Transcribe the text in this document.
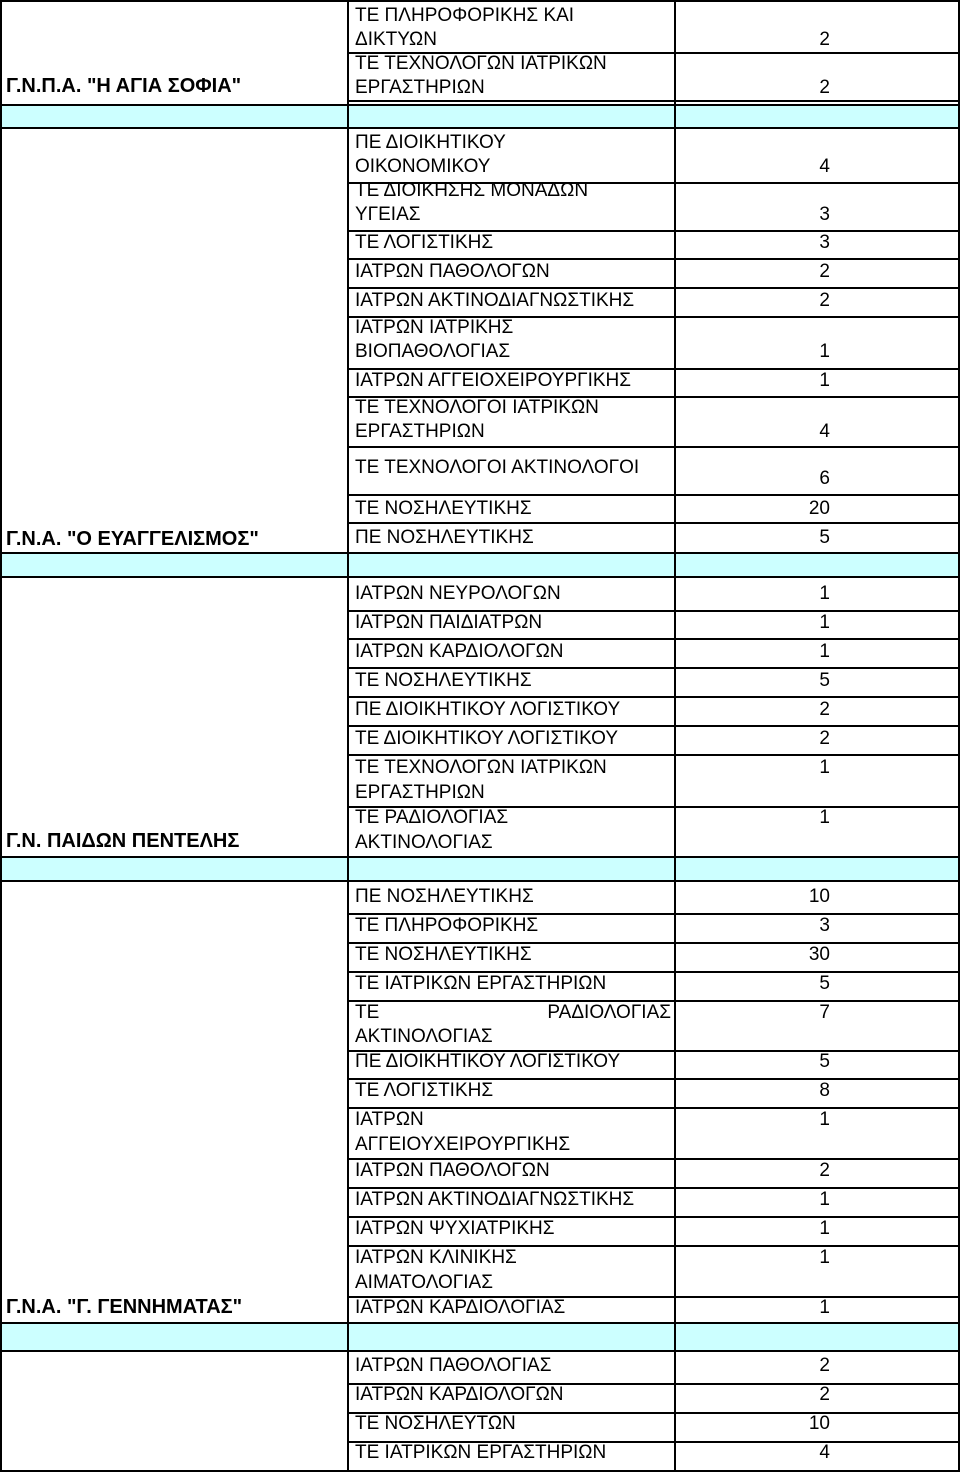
Γ.Ν.Π.Α. "Η ΑΓΙΑ ΣΟΦΙΑ"
ΤΕ ΠΛΗΡΟΦΟΡΙΚΗΣ ΚΑΙ
ΔΙΚΤΥΩΝ	2
ΤΕ ΤΕΧΝΟΛΟΓΩΝ ΙΑΤΡΙΚΩΝ
ΕΡΓΑΣΤΗΡΙΩΝ	2
Γ.Ν.Α. "Ο ΕΥΑΓΓΕΛΙΣΜΟΣ"
ΠΕ ΔΙΟΙΚΗΤΙΚΟΥ
ΟΙΚΟΝΟΜΙΚΟΥ	4
ΤΕ ΔΙΟΙΚΗΣΗΣ ΜΟΝΑΔΩΝ
ΥΓΕΙΑΣ	3
ΤΕ ΛΟΓΙΣΤΙΚΗΣ	3
ΙΑΤΡΩΝ ΠΑΘΟΛΟΓΩΝ	2
ΙΑΤΡΩΝ ΑΚΤΙΝΟΔΙΑΓΝΩΣΤΙΚΗΣ	2
ΙΑΤΡΩΝ ΙΑΤΡΙΚΗΣ
ΒΙΟΠΑΘΟΛΟΓΙΑΣ	1
ΙΑΤΡΩΝ ΑΓΓΕΙΟΧΕΙΡΟΥΡΓΙΚΗΣ	1
ΤΕ ΤΕΧΝΟΛΟΓΟΙ ΙΑΤΡΙΚΩΝ
ΕΡΓΑΣΤΗΡΙΩΝ	4
ΤΕ ΤΕΧΝΟΛΟΓΟΙ ΑΚΤΙΝΟΛΟΓΟΙ
6
ΤΕ ΝΟΣΗΛΕΥΤΙΚΗΣ	20
ΠΕ ΝΟΣΗΛΕΥΤΙΚΗΣ	5
Γ.Ν. ΠΑΙΔΩΝ ΠΕΝΤΕΛΗΣ
ΙΑΤΡΩΝ ΝΕΥΡΟΛΟΓΩΝ	1
ΙΑΤΡΩΝ ΠΑΙΔΙΑΤΡΩΝ	1
ΙΑΤΡΩΝ ΚΑΡΔΙΟΛΟΓΩΝ	1
ΤΕ ΝΟΣΗΛΕΥΤΙΚΗΣ	5
ΠΕ ΔΙΟΙΚΗΤΙΚΟΥ ΛΟΓΙΣΤΙΚΟΥ	2
ΤΕ ΔΙΟΙΚΗΤΙΚΟΥ ΛΟΓΙΣΤΙΚΟΥ	2
ΤΕ ΤΕΧΝΟΛΟΓΩΝ ΙΑΤΡΙΚΩΝ
ΕΡΓΑΣΤΗΡΙΩΝ
1
ΤΕ ΡΑΔΙΟΛΟΓΙΑΣ
ΑΚΤΙΝΟΛΟΓΙΑΣ
1
Γ.Ν.Α. "Γ. ΓΕΝΝΗΜΑΤΑΣ"
ΠΕ ΝΟΣΗΛΕΥΤΙΚΗΣ	10
ΤΕ ΠΛΗΡΟΦΟΡΙΚΗΣ	3
ΤΕ ΝΟΣΗΛΕΥΤΙΚΗΣ	30
ΤΕ ΙΑΤΡΙΚΩΝ ΕΡΓΑΣΤΗΡΙΩΝ	5
ΤΕ	ΡΑΔΙΟΛΟΓΙΑΣ
ΑΚΤΙΝΟΛΟΓΙΑΣ
7
ΠΕ ΔΙΟΙΚΗΤΙΚΟΥ ΛΟΓΙΣΤΙΚΟΥ	5
ΤΕ ΛΟΓΙΣΤΙΚΗΣ	8
ΙΑΤΡΩΝ
ΑΓΓΕΙΟΥΧΕΙΡΟΥΡΓΙΚΗΣ
1
ΙΑΤΡΩΝ ΠΑΘΟΛΟΓΩΝ	2
ΙΑΤΡΩΝ ΑΚΤΙΝΟΔΙΑΓΝΩΣΤΙΚΗΣ	1
ΙΑΤΡΩΝ ΨΥΧΙΑΤΡΙΚΗΣ	1
ΙΑΤΡΩΝ ΚΛΙΝΙΚΗΣ
ΑΙΜΑΤΟΛΟΓΙΑΣ
1
ΙΑΤΡΩΝ ΚΑΡΔΙΟΛΟΓΙΑΣ	1
ΙΑΤΡΩΝ ΠΑΘΟΛΟΓΙΑΣ	2
ΙΑΤΡΩΝ ΚΑΡΔΙΟΛΟΓΩΝ	2
ΤΕ ΝΟΣΗΛΕΥΤΩΝ	10
ΤΕ ΙΑΤΡΙΚΩΝ ΕΡΓΑΣΤΗΡΙΩΝ	4
